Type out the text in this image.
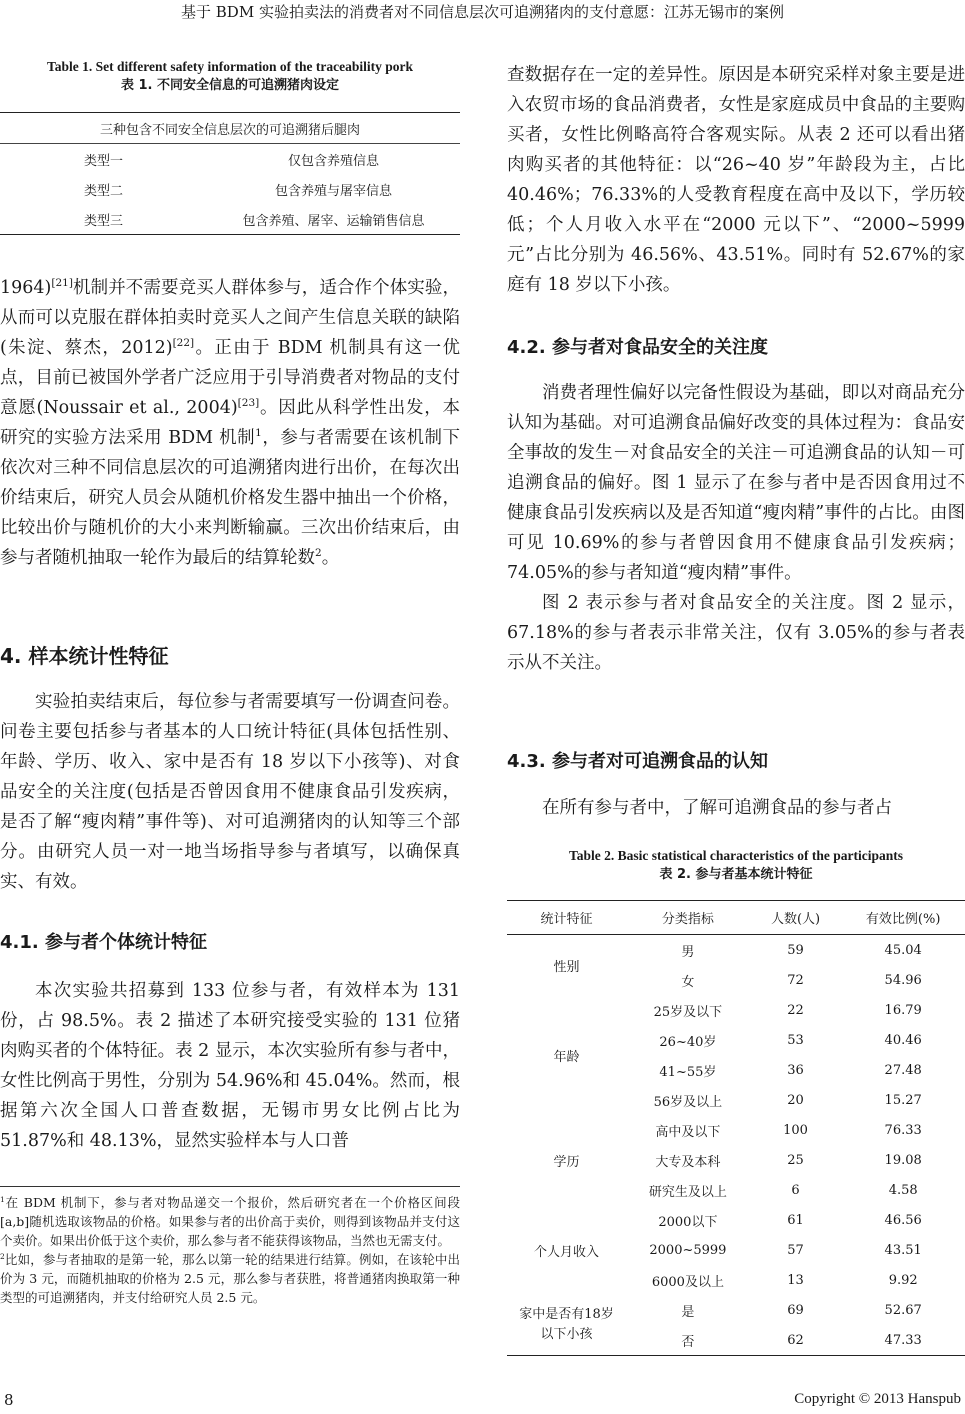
基于 BDM 实验拍卖法的消费者对不同信息层次可追溯猪肉的支付意愿：江苏无锡市的案例
Table 1. Set different safety information of the traceability pork
表 1. 不同安全信息的可追溯猪肉设定
三种包含不同安全信息层次的可追溯猪后腿肉	
类型一	仅包含养殖信息
类型二	包含养殖与屠宰信息
类型三	包含养殖、屠宰、运输销售信息

1964)[21]机制并不需要竞买人群体参与，适合作个体实验，从而可以克服在群体拍卖时竞买人之间产生信息关联的缺陷(朱淀、蔡杰，2012)[22]。正由于 BDM 机制具有这一优点，目前已被国外学者广泛应用于引导消费者对物品的支付意愿(Noussair et al., 2004)[23]。因此从科学性出发，本研究的实验方法采用 BDM 机制$^1$，参与者需要在该机制下依次对三种不同信息层次的可追溯猪肉进行出价，在每次出价结束后，研究人员会从随机价格发生器中抽出一个价格，比较出价与随机价的大小来判断输赢。三次出价结束后，由参与者随机抽取一轮作为最后的结算轮数$^2$。

4. 样本统计性特征

实验拍卖结束后，每位参与者需要填写一份调查问卷。问卷主要包括参与者基本的人口统计特征(具体包括性别、年龄、学历、收入、家中是否有 18 岁以下小孩等)、对食品安全的关注度(包括是否曾因食用不健康食品引发疾病，是否了解“瘦肉精”事件等)、对可追溯猪肉的认知等三个部分。由研究人员一对一地当场指导参与者填写，以确保真实、有效。

4.1. 参与者个体统计特征

本次实验共招募到 133 位参与者，有效样本为 131 份，占 98.5%。表 2 描述了本研究接受实验的 131 位猪肉购买者的个体特征。表 2 显示，本次实验所有参与者中，女性比例高于男性，分别为 54.96%和 45.04%。然而，根据第六次全国人口普查数据，无锡市男女比例占比为 51.87%和 48.13%，显然实验样本与人口普

$^1$在 BDM 机制下，参与者对物品递交一个报价，然后研究者在一个价格区间段[a,b]随机选取该物品的价格。如果参与者的出价高于卖价，则得到该物品并支付这个卖价。如果出价低于这个卖价，那么参与者不能获得该物品，当然也无需支付。

$^2$比如，参与者抽取的是第一轮，那么以第一轮的结果进行结算。例如，在该轮中出价为 3 元，而随机抽取的价格为 2.5 元，那么参与者获胜，将普通猪肉换取第一种类型的可追溯猪肉，并支付给研究人员 2.5 元。

查数据存在一定的差异性。原因是本研究采样对象主要是进入农贸市场的食品消费者，女性是家庭成员中食品的主要购买者，女性比例略高符合客观实际。从表 2 还可以看出猪肉购买者的其他特征：以“26~40 岁”年龄段为主，占比 40.46%；76.33%的人受教育程度在高中及以下，学历较低；个人月收入水平在“2000 元以下”、“2000~5999 元”占比分别为 46.56%、43.51%。同时有 52.67%的家庭有 18 岁以下小孩。

4.2. 参与者对食品安全的关注度

消费者理性偏好以完备性假设为基础，即以对商品充分认知为基础。对可追溯食品偏好改变的具体过程为：食品安全事故的发生－对食品安全的关注－可追溯食品的认知－可追溯食品的偏好。图 1 显示了在参与者中是否因食用过不健康食品引发疾病以及是否知道“瘦肉精”事件的占比。由图可见 10.69%的参与者曾因食用不健康食品引发疾病；74.05%的参与者知道“瘦肉精”事件。

图 2 表示参与者对食品安全的关注度。图 2 显示，67.18%的参与者表示非常关注，仅有 3.05%的参与者表示从不关注。

4.3. 参与者对可追溯食品的认知

在所有参与者中，了解可追溯食品的参与者占

Table 2. Basic statistical characteristics of the participants
表 2. 参与者基本统计特征
统计特征	分类指标	人数(人)	有效比例(%)
性别	男	59	45.04
	女	72	54.96
年龄	25岁及以下	22	16.79
	26~40岁	53	40.46
	41~55岁	36	27.48
	56岁及以上	20	15.27
学历	高中及以下	100	76.33
	大专及本科	25	19.08
	研究生及以上	6	4.58
个人月收入	2000以下	61	46.56
	2000~5999	57	43.51
	6000及以上	13	9.92
家中是否有18岁以下小孩	是	69	52.67
	否	62	47.33
8	Copyright © 2013 Hanspub
